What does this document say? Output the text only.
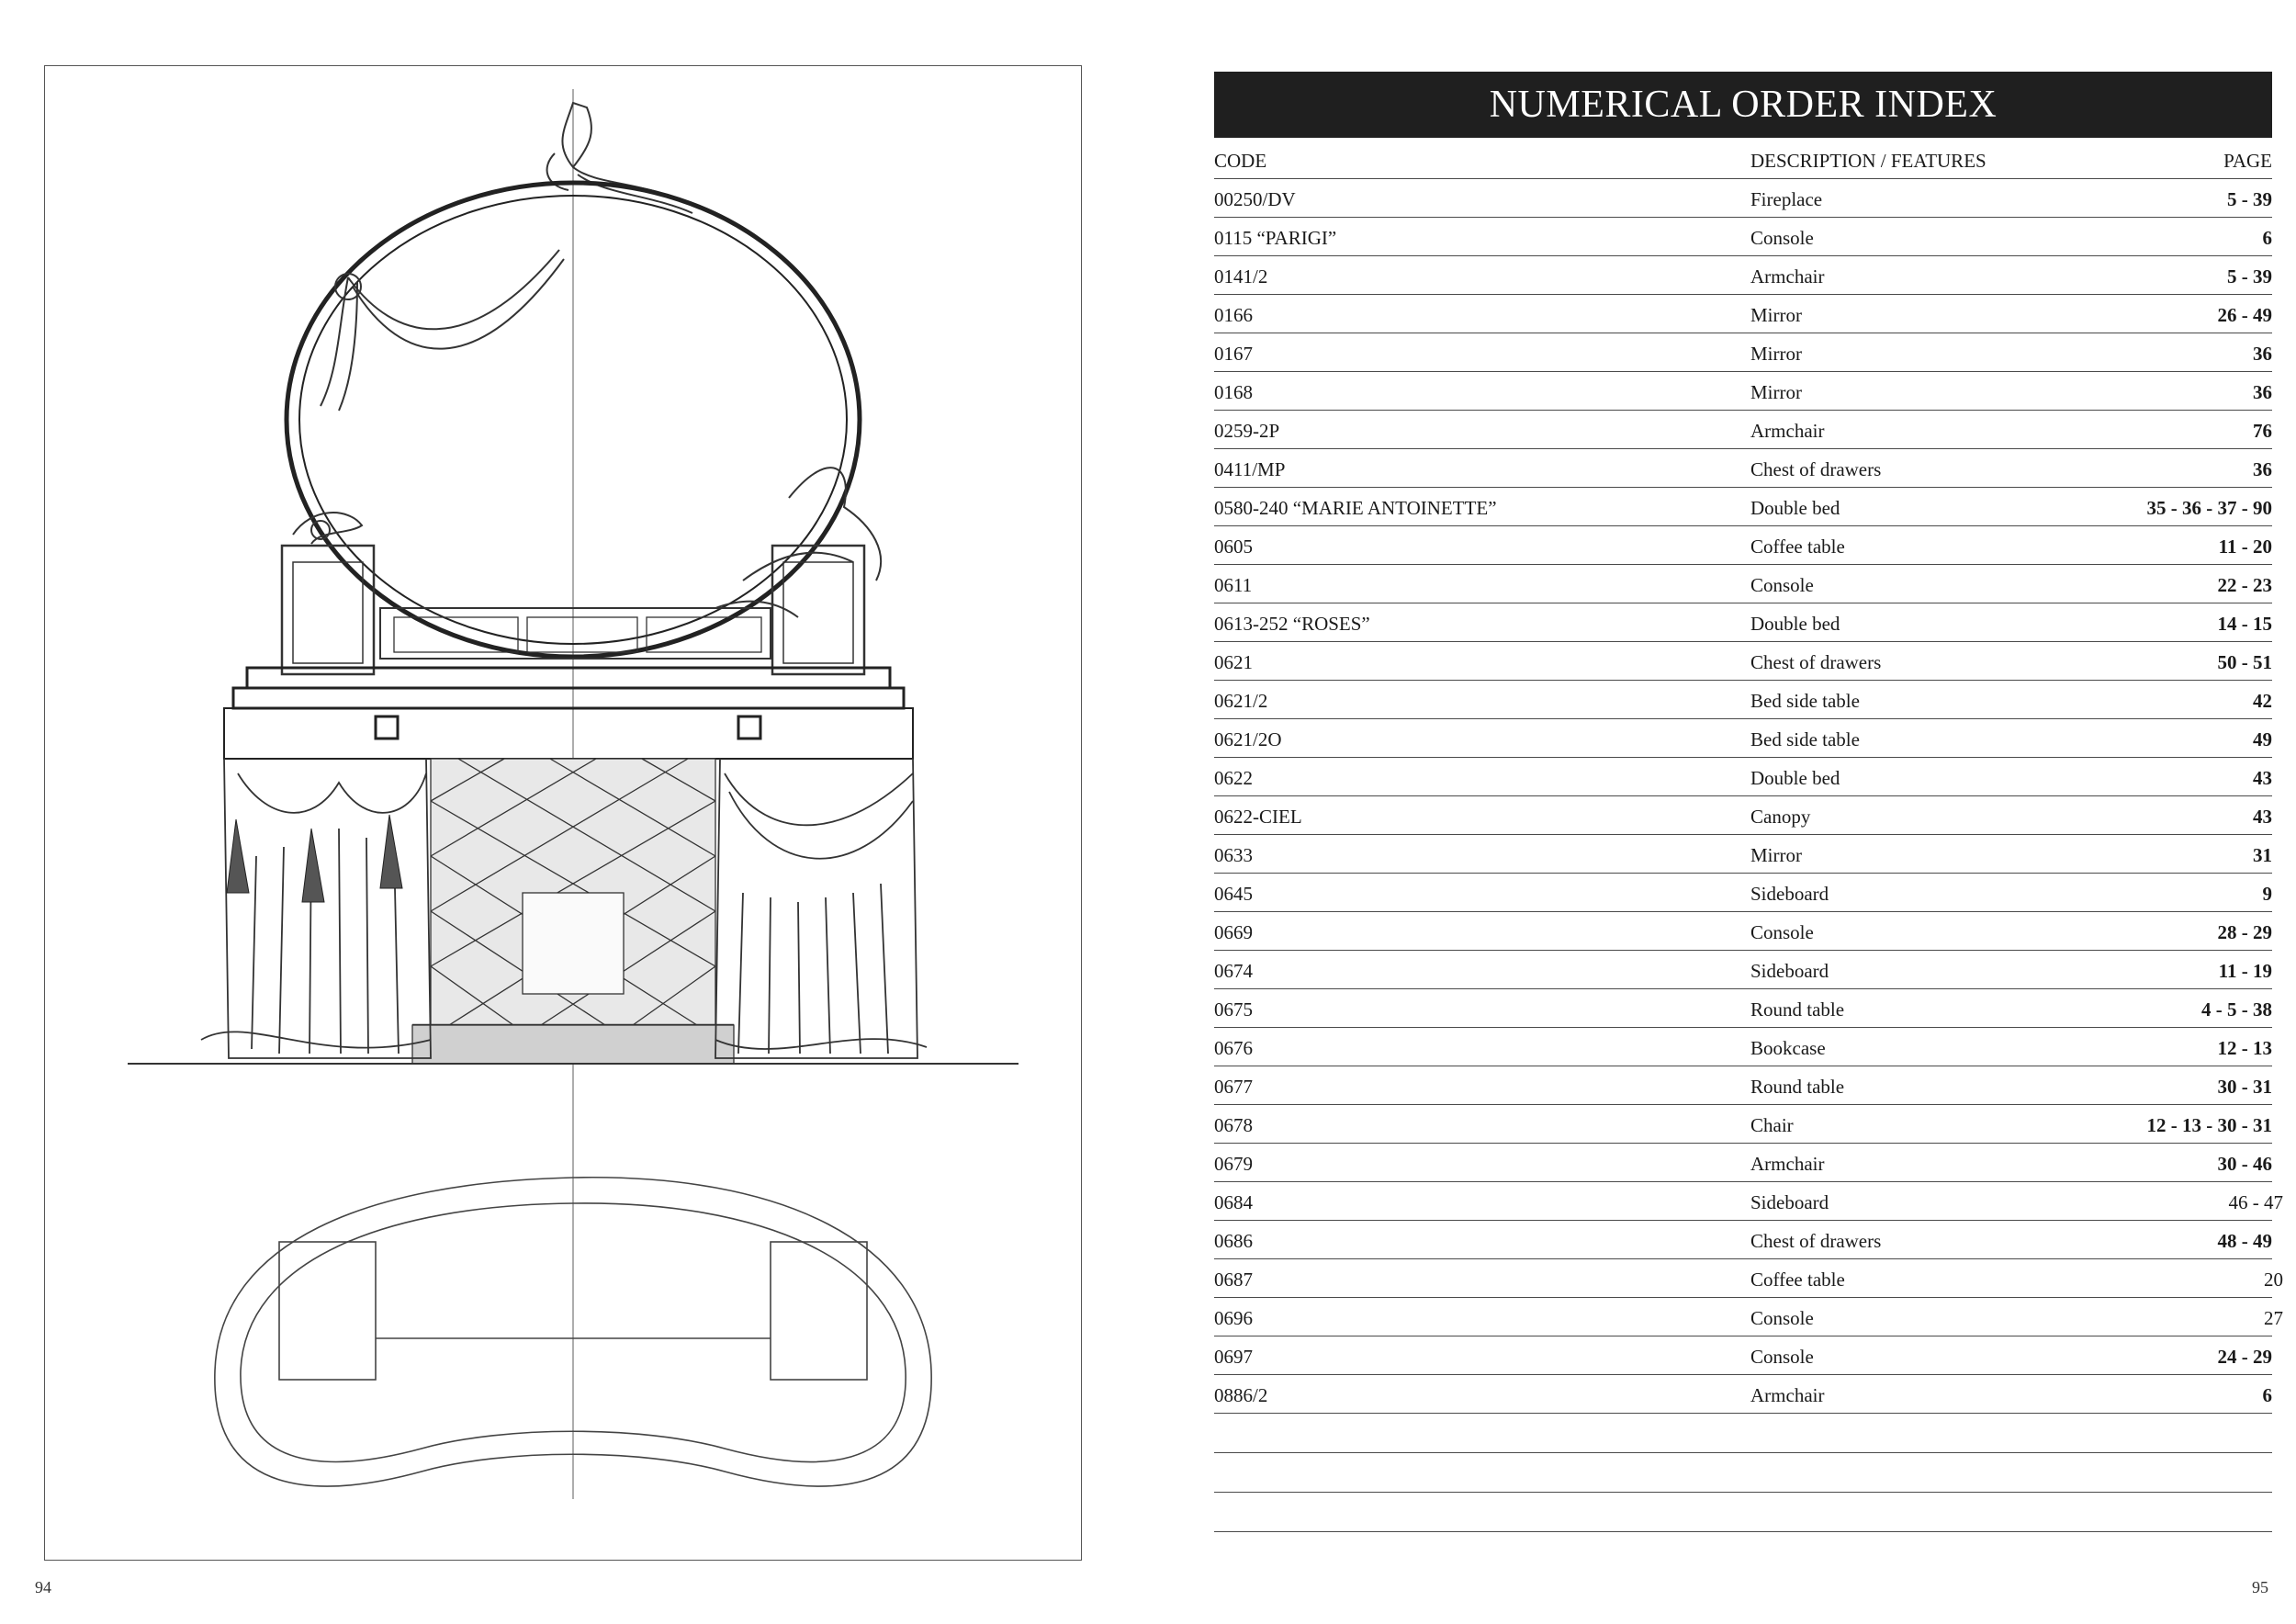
94	95
NUMERICAL ORDER INDEX
CODE	DESCRIPTION / FEATURES	PAGE
00250/DV	Fireplace	5 - 39
0115 “PARIGI”	Console	6
0141/2	Armchair	5 - 39
0166	Mirror	26 - 49
0167	Mirror	36
0168	Mirror	36
0259-2P	Armchair	76
0411/MP	Chest of drawers	36
0580-240 “MARIE ANTOINETTE”	Double bed	35 - 36 - 37 - 90
0605	Coffee table	11 - 20
0611	Console	22 - 23
0613-252 “ROSES”	Double bed	14 - 15
0621	Chest of drawers	50 - 51
0621/2	Bed side table	42
0621/2O	Bed side table	49
0622	Double bed	43
0622-CIEL	Canopy	43
0633	Mirror	31
0645	Sideboard	9
0669	Console	28 - 29
0674	Sideboard	11 - 19
0675	Round table	4 - 5 - 38
0676	Bookcase	12 - 13
0677	Round table	30 - 31
0678	Chair	12 - 13 - 30 - 31
0679	Armchair	30 - 46
0684	Sideboard	46 - 47
0686	Chest of drawers	48 - 49
0687	Coffee table	20
0696	Console	27
0697	Console	24 - 29
0886/2	Armchair	6
